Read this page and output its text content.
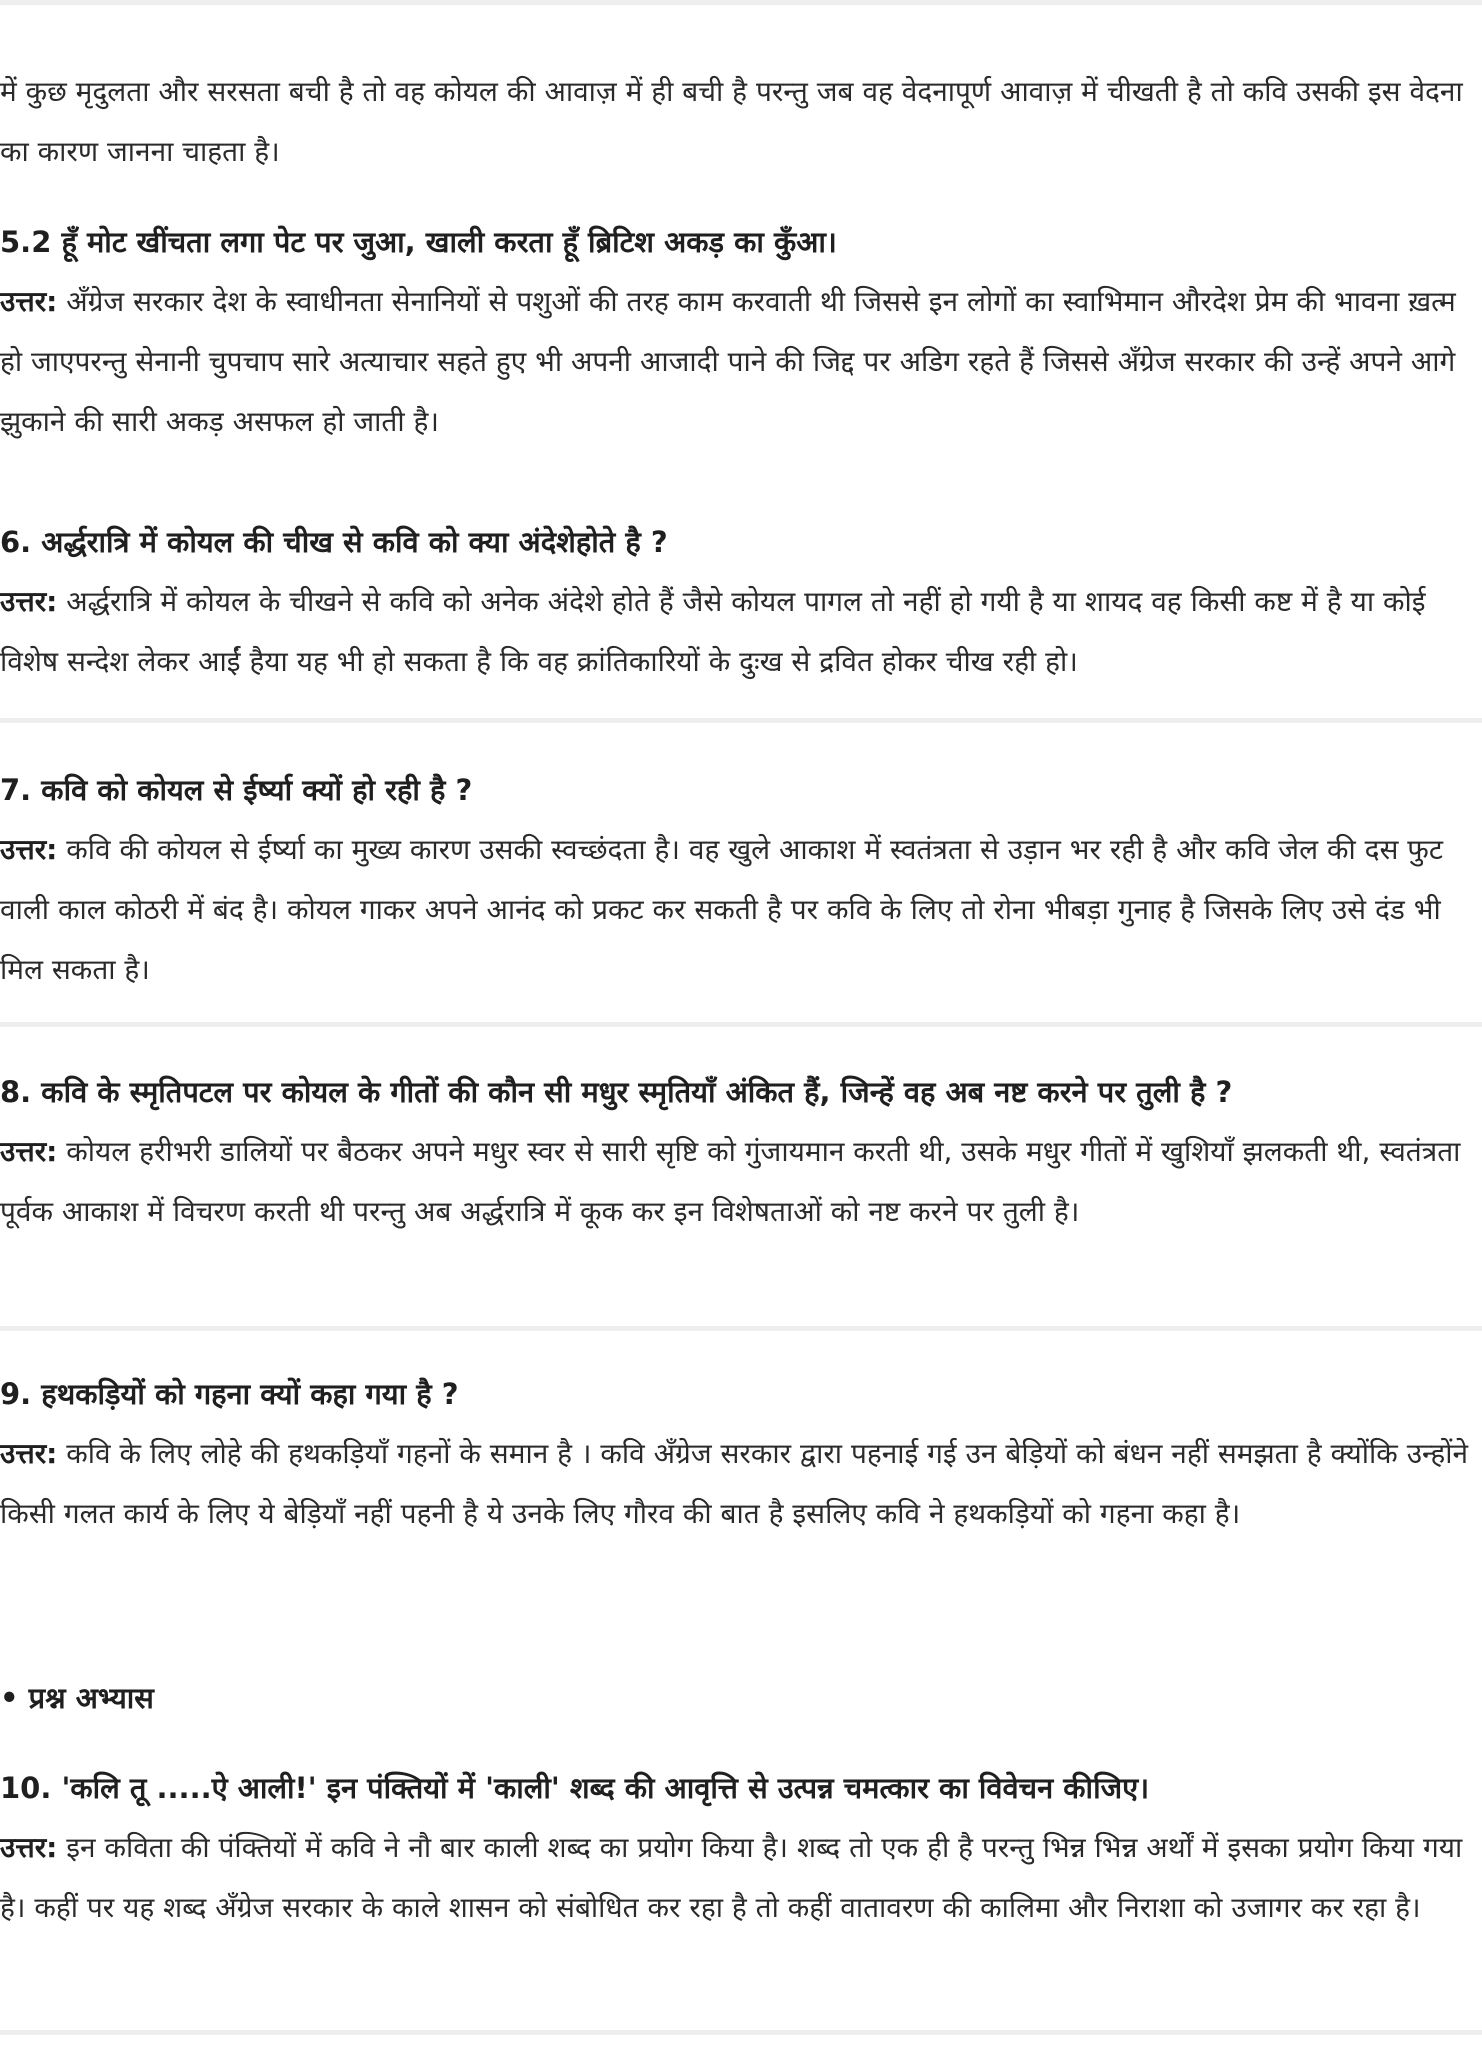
में कुछ मृदुलता और सरसता बची है तो वह कोयल की आवाज़ में ही बची है परन्तु जब वह वेदनापूर्ण आवाज़ में चीखती है तो कवि उसकी इस वेदना का कारण जानना चाहता है।

5.2 हूँ मोट खींचता लगा पेट पर जुआ, खाली करता हूँ ब्रिटिश अकड़ का कुँआ।

उत्तर: अँग्रेज सरकार देश के स्वाधीनता सेनानियों से पशुओं की तरह काम करवाती थी जिससे इन लोगों का स्वाभिमान औरदेश प्रेम की भावना ख़त्म हो जाएपरन्तु सेनानी चुपचाप सारे अत्याचार सहते हुए भी अपनी आजादी पाने की जिद्द पर अडिग रहते हैं जिससे अँग्रेज सरकार की उन्हें अपने आगे झुकाने की सारी अकड़ असफल हो जाती है।

6. अर्द्धरात्रि में कोयल की चीख से कवि को क्या अंदेशेहोते है ?

उत्तर: अर्द्धरात्रि में कोयल के चीखने से कवि को अनेक अंदेशे होते हैं जैसे कोयल पागल तो नहीं हो गयी है या शायद वह किसी कष्ट में है या कोई विशेष सन्देश लेकर आईं हैया यह भी हो सकता है कि वह क्रांतिकारियों के दुःख से द्रवित होकर चीख रही हो।

7. कवि को कोयल से ईर्ष्या क्यों हो रही है ?

उत्तर: कवि की कोयल से ईर्ष्या का मुख्य कारण उसकी स्वच्छंदता है। वह खुले आकाश में स्वतंत्रता से उड़ान भर रही है और कवि जेल की दस फुट वाली काल कोठरी में बंद है। कोयल गाकर अपने आनंद को प्रकट कर सकती है पर कवि के लिए तो रोना भीबड़ा गुनाह है जिसके लिए उसे दंड भी मिल सकता है।

8. कवि के स्मृतिपटल पर कोयल के गीतों की कौन सी मधुर स्मृतियाँ अंकित हैं, जिन्हें वह अब नष्ट करने पर तुली है ?

उत्तर: कोयल हरीभरी डालियों पर बैठकर अपने मधुर स्वर से सारी सृष्टि को गुंजायमान करती थी, उसके मधुर गीतों में खुशियाँ झलकती थी, स्वतंत्रता पूर्वक आकाश में विचरण करती थी परन्तु अब अर्द्धरात्रि में कूक कर इन विशेषताओं को नष्ट करने पर तुली है।

9. हथकड़ियों को गहना क्यों कहा गया है ?

उत्तर: कवि के लिए लोहे की हथकड़ियाँ गहनों के समान है । कवि अँग्रेज सरकार द्वारा पहनाई गई उन बेड़ियों को बंधन नहीं समझता है क्योंकि उन्होंने किसी गलत कार्य के लिए ये बेड़ियाँ नहीं पहनी है ये उनके लिए गौरव की बात है इसलिए कवि ने हथकड़ियों को गहना कहा है।

• प्रश्न अभ्यास

10. 'कलि तू .....ऐ आली!' इन पंक्तियों में 'काली' शब्द की आवृत्ति से उत्पन्न चमत्कार का विवेचन कीजिए।

उत्तर: इन कविता की पंक्तियों में कवि ने नौ बार काली शब्द का प्रयोग किया है। शब्द तो एक ही है परन्तु भिन्न भिन्न अर्थों में इसका प्रयोग किया गया है। कहीं पर यह शब्द अँग्रेज सरकार के काले शासन को संबोधित कर रहा है तो कहीं वातावरण की कालिमा और निराशा को उजागर कर रहा है।
